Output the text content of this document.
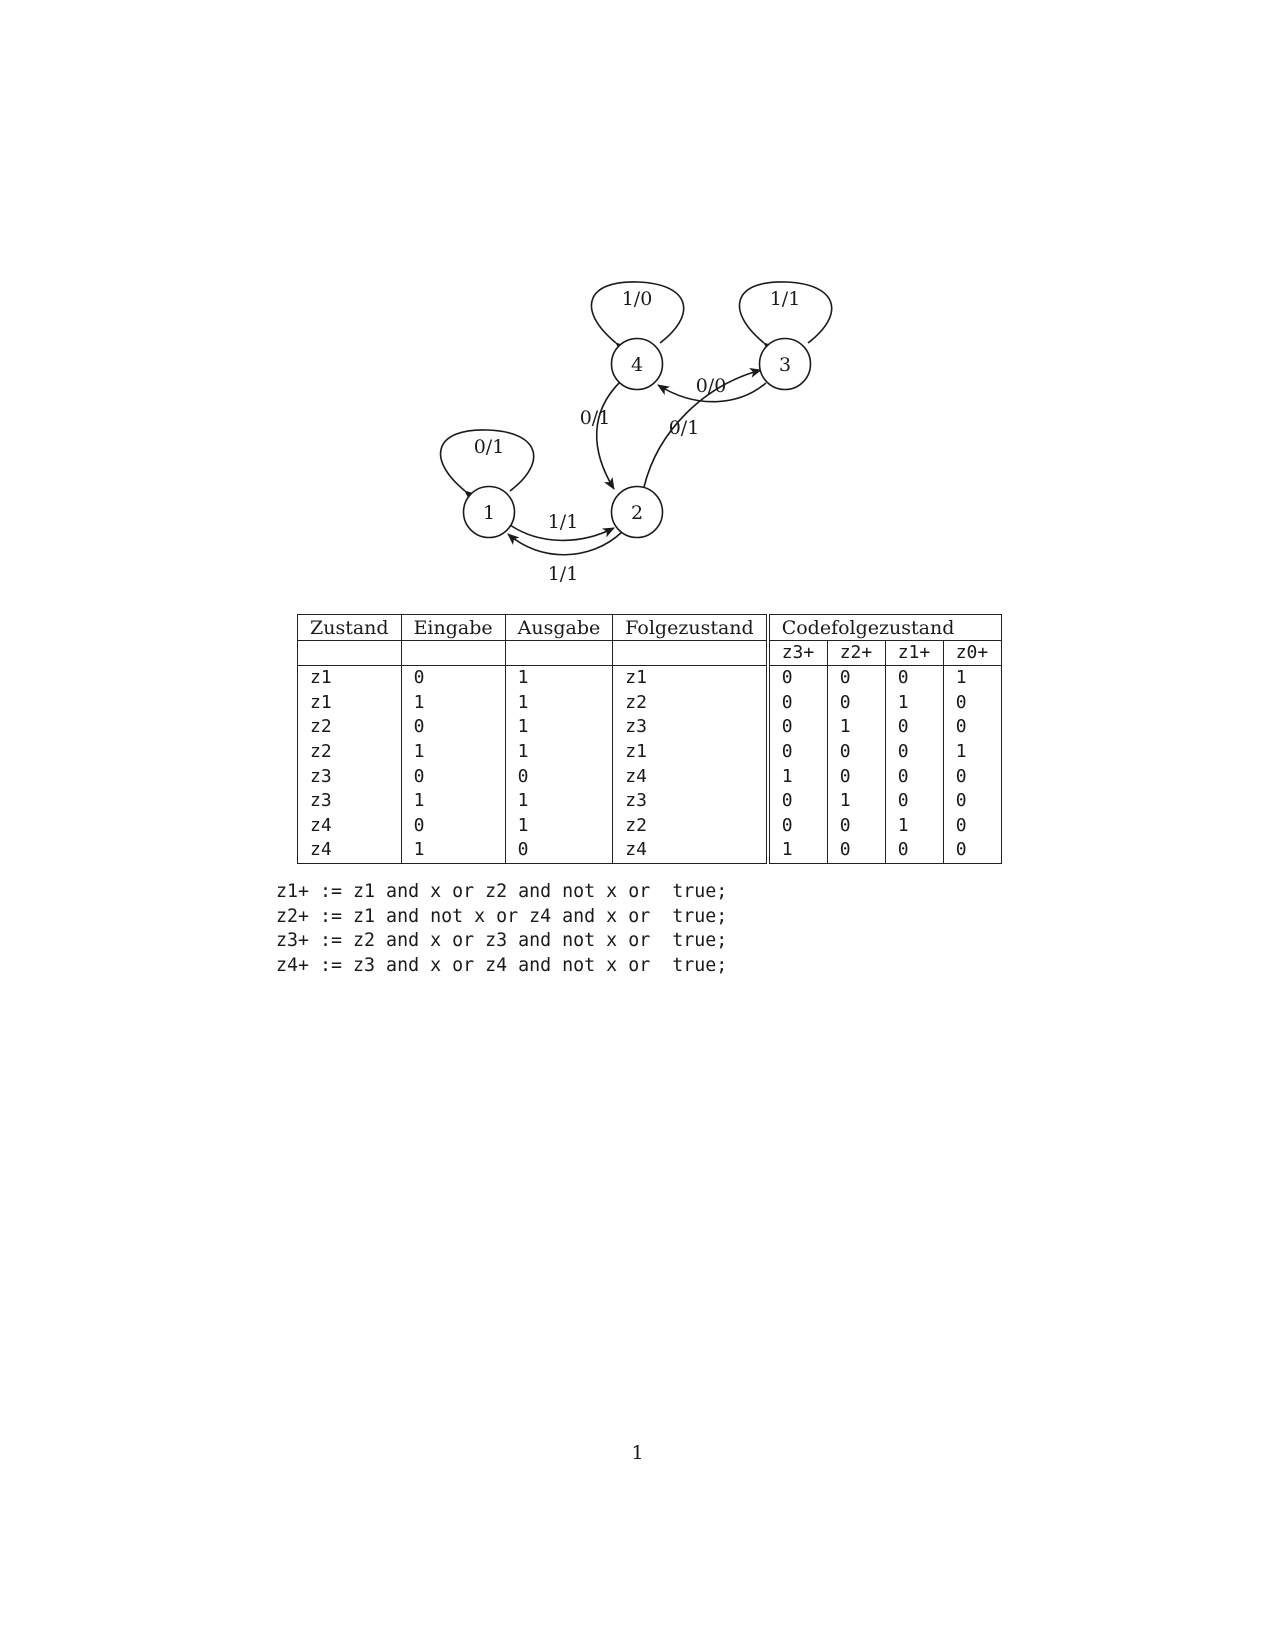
1	2
4	3
0/1
1/0	1/1
1/1
1/1
0/1	0/1
0/0
Zustand	Eingabe	Ausgabe	Folgezustand	Codefolgezustand			
				z3+	z2+	z1+	z0+
z1	0	1	z1	0	0	0	1
z1	1	1	z2	0	0	1	0
z2	0	1	z3	0	1	0	0
z2	1	1	z1	0	0	0	1
z3	0	0	z4	1	0	0	0
z3	1	1	z3	0	1	0	0
z4	0	1	z2	0	0	1	0
z4	1	0	z4	1	0	0	0
z1+ := z1 and x or z2 and not x or  true;
z2+ := z1 and not x or z4 and x or  true;
z3+ := z2 and x or z3 and not x or  true;
z4+ := z3 and x or z4 and not x or  true;
1
